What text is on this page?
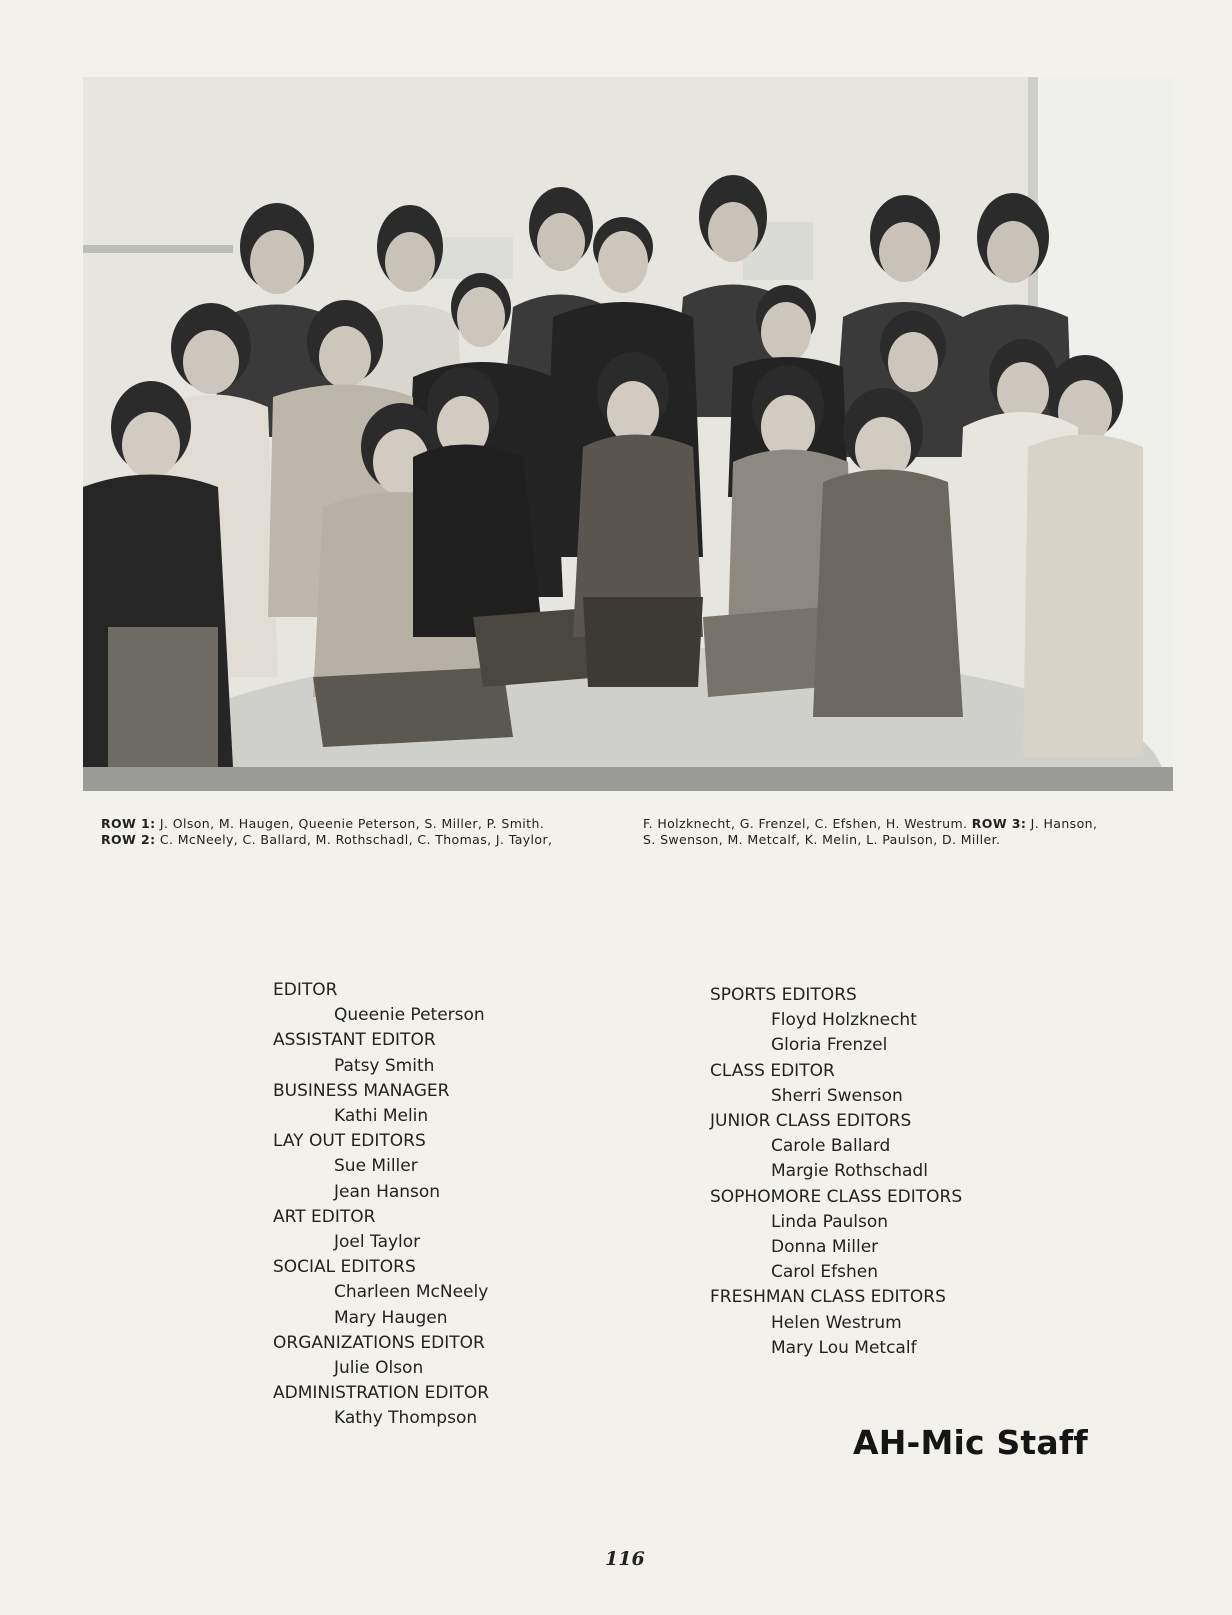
ROW 1: J. Olson, M. Haugen, Queenie Peterson, S. Miller, P. Smith.
ROW 2: C. McNeely, C. Ballard, M. Rothschadl, C. Thomas, J. Taylor,
F. Holzknecht, G. Frenzel, C. Efshen, H. Westrum. ROW 3: J. Hanson,
S. Swenson, M. Metcalf, K. Melin, L. Paulson, D. Miller.
EDITOR
Queenie Peterson
ASSISTANT EDITOR
Patsy Smith
BUSINESS MANAGER
Kathi Melin
LAY OUT EDITORS
Sue Miller
Jean Hanson
ART EDITOR
Joel Taylor
SOCIAL EDITORS
Charleen McNeely
Mary Haugen
ORGANIZATIONS EDITOR
Julie Olson
ADMINISTRATION EDITOR
Kathy Thompson
SPORTS EDITORS
Floyd Holzknecht
Gloria Frenzel
CLASS EDITOR
Sherri Swenson
JUNIOR CLASS EDITORS
Carole Ballard
Margie Rothschadl
SOPHOMORE CLASS EDITORS
Linda Paulson
Donna Miller
Carol Efshen
FRESHMAN CLASS EDITORS
Helen Westrum
Mary Lou Metcalf
AH-Mic Staff
116
